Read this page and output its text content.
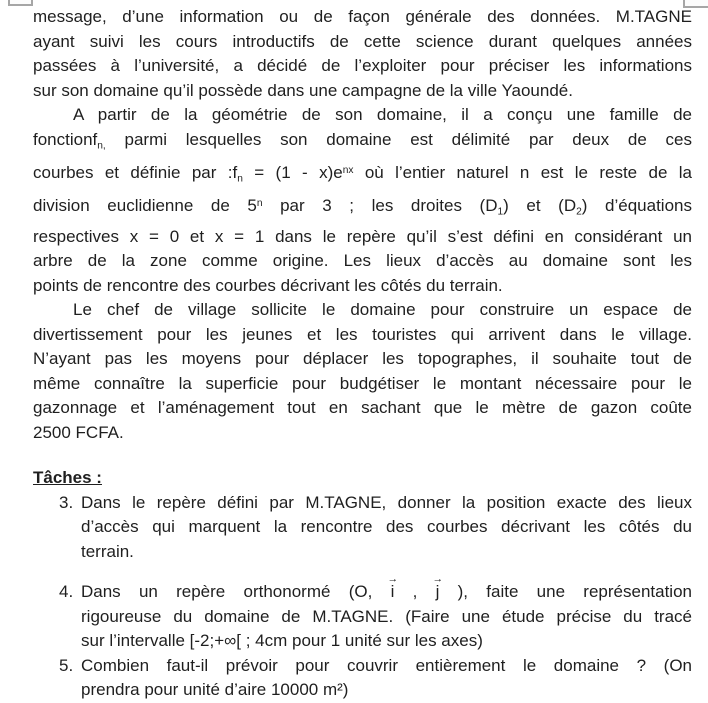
message, d’une information ou de façon générale des données. M.TAGNE
ayant suivi les cours introductifs de cette science durant quelques années
passées à l’université, a décidé de l’exploiter pour préciser les informations
sur son domaine qu’il possède dans une campagne de la ville Yaoundé.
A partir de la géométrie de son domaine, il a conçu une famille de
fonctionf$_{n,}$ parmi lesquelles son domaine est délimité par deux de ces
courbes et définie par $:f_n = (1 - x)e^{nx}$ où l’entier naturel n est le reste de la
division euclidienne de 5$^n$ par 3 ; les droites $(D_1)$ et $(D_2)$ d’équations
respectives x = 0 et x = 1 dans le repère qu’il s’est défini en considérant un
arbre de la zone comme origine. Les lieux d’accès au domaine sont les
points de rencontre des courbes décrivant les côtés du terrain.
Le chef de village sollicite le domaine pour construire un espace de
divertissement pour les jeunes et les touristes qui arrivent dans le village.
N’ayant pas les moyens pour déplacer les topographes, il souhaite tout de
même connaître la superficie pour budgétiser le montant nécessaire pour le
gazonnage et l’aménagement tout en sachant que le mètre de gazon coûte
2500 FCFA.
Tâches :
3. Dans le repère défini par M.TAGNE, donner la position exacte des lieux
d’accès qui marquent la rencontre des courbes décrivant les côtés du
terrain.
4. Dans un repère orthonormé (O,
→
i ,
→
j ), faite une représentation
rigoureuse du domaine de M.TAGNE. (Faire une étude précise du tracé
sur l’intervalle [-2;+∞[ ; 4cm pour 1 unité sur les axes)
5. Combien faut-il prévoir pour couvrir entièrement le domaine ? (On
prendra pour unité d’aire 10000 m²)
